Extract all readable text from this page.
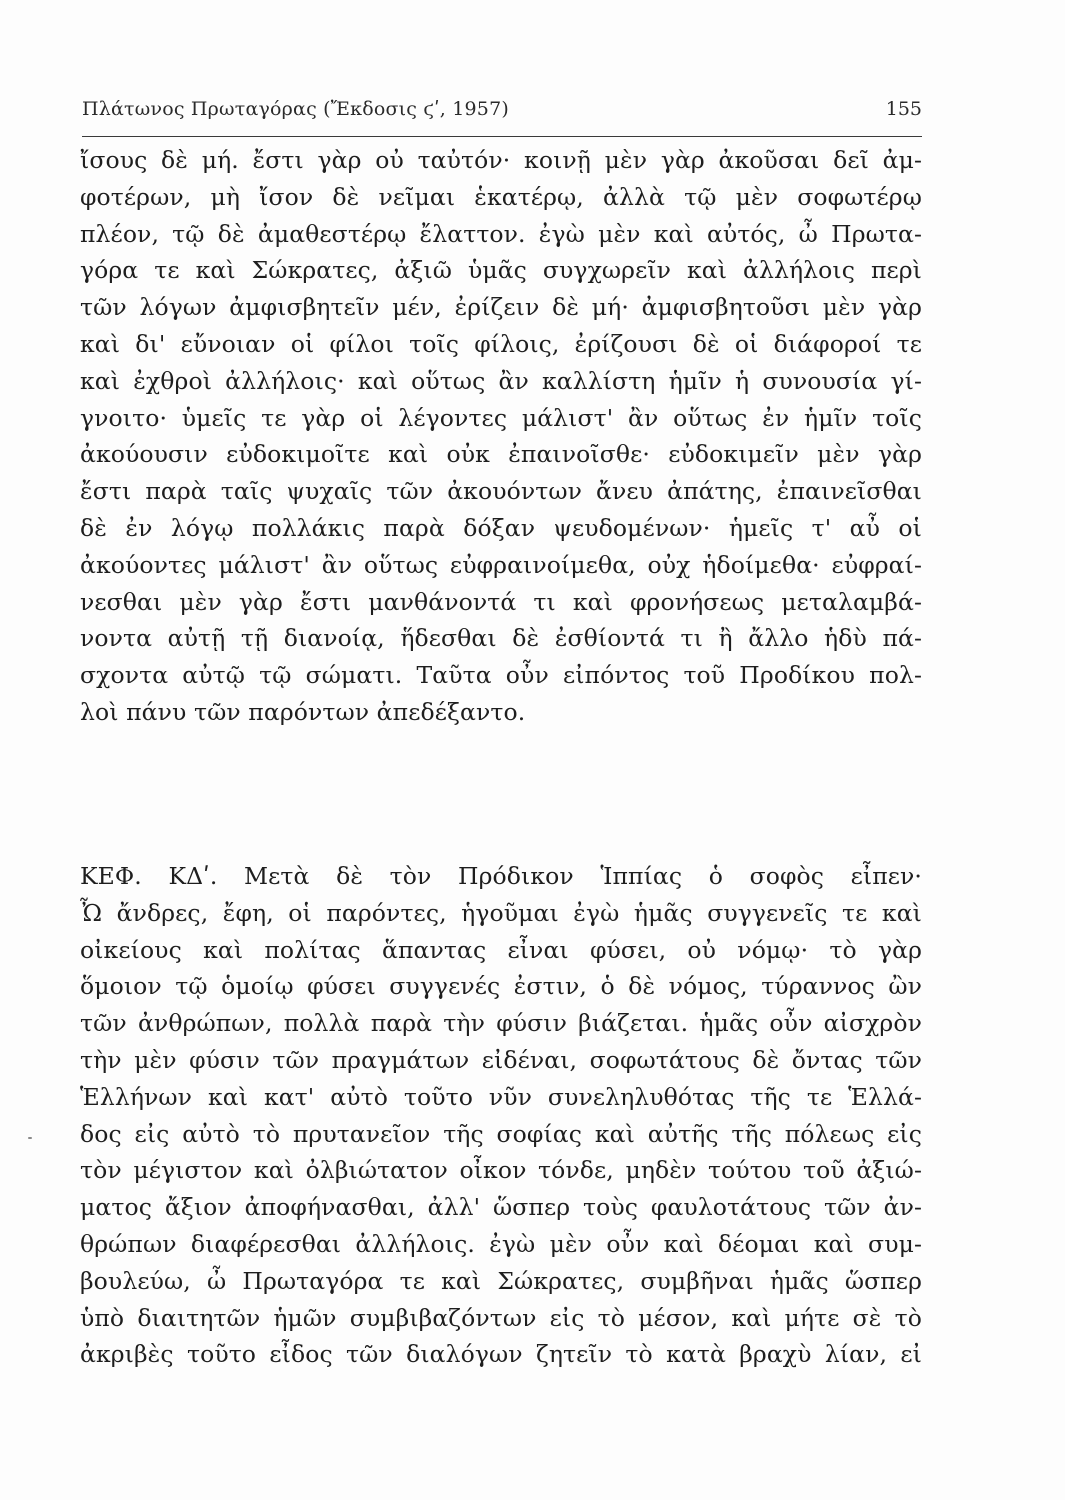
Πλάτωνος Πρωταγόρας (Ἔκδοσις ϛʹ, 1957)	155
ἴσους δὲ μή. ἔστι γὰρ οὐ ταὐτόν· κοινῇ μὲν γὰρ ἀκοῦσαι δεῖ ἀμ-
φοτέρων, μὴ ἴσον δὲ νεῖμαι ἑκατέρῳ, ἀλλὰ τῷ μὲν σοφωτέρῳ
πλέον, τῷ δὲ ἀμαθεστέρῳ ἔλαττον. ἐγὼ μὲν καὶ αὐτός, ὦ Πρωτα-
γόρα τε καὶ Σώκρατες, ἀξιῶ ὑμᾶς συγχωρεῖν καὶ ἀλλήλοις περὶ
τῶν λόγων ἀμφισβητεῖν μέν, ἐρίζειν δὲ μή· ἀμφισβητοῦσι μὲν γὰρ
καὶ δι' εὔνοιαν οἱ φίλοι τοῖς φίλοις, ἐρίζουσι δὲ οἱ διάφοροί τε
καὶ ἐχθροὶ ἀλλήλοις· καὶ οὕτως ἂν καλλίστη ἡμῖν ἡ συνουσία γί-
γνοιτο· ὑμεῖς τε γὰρ οἱ λέγοντες μάλιστ' ἂν οὕτως ἐν ἡμῖν τοῖς
ἀκούουσιν εὐδοκιμοῖτε καὶ οὐκ ἐπαινοῖσθε· εὐδοκιμεῖν μὲν γὰρ
ἔστι παρὰ ταῖς ψυχαῖς τῶν ἀκουόντων ἄνευ ἀπάτης, ἐπαινεῖσθαι
δὲ ἐν λόγῳ πολλάκις παρὰ δόξαν ψευδομένων· ἡμεῖς τ' αὖ οἱ
ἀκούοντες μάλιστ' ἂν οὕτως εὐφραινοίμεθα, οὐχ ἡδοίμεθα· εὐφραί-
νεσθαι μὲν γὰρ ἔστι μανθάνοντά τι καὶ φρονήσεως μεταλαμβά-
νοντα αὐτῇ τῇ διανοίᾳ, ἥδεσθαι δὲ ἐσθίοντά τι ἢ ἄλλο ἡδὺ πά-
σχοντα αὐτῷ τῷ σώματι. Ταῦτα οὖν εἰπόντος τοῦ Προδίκου πολ-
λοὶ πάνυ τῶν παρόντων ἀπεδέξαντο.
ΚΕΦ. ΚΔʹ. Μετὰ δὲ τὸν Πρόδικον Ἱππίας ὁ σοφὸς εἶπεν·
Ὦ ἄνδρες, ἔφη, οἱ παρόντες, ἡγοῦμαι ἐγὼ ἡμᾶς συγγενεῖς τε καὶ
οἰκείους καὶ πολίτας ἅπαντας εἶναι φύσει, οὐ νόμῳ· τὸ γὰρ
ὅμοιον τῷ ὁμοίῳ φύσει συγγενές ἐστιν, ὁ δὲ νόμος, τύραννος ὢν
τῶν ἀνθρώπων, πολλὰ παρὰ τὴν φύσιν βιάζεται. ἡμᾶς οὖν αἰσχρὸν
τὴν μὲν φύσιν τῶν πραγμάτων εἰδέναι, σοφωτάτους δὲ ὄντας τῶν
Ἑλλήνων καὶ κατ' αὐτὸ τοῦτο νῦν συνεληλυθότας τῆς τε Ἑλλά-
δος εἰς αὐτὸ τὸ πρυτανεῖον τῆς σοφίας καὶ αὐτῆς τῆς πόλεως εἰς
τὸν μέγιστον καὶ ὀλβιώτατον οἶκον τόνδε, μηδὲν τούτου τοῦ ἀξιώ-
ματος ἄξιον ἀποφήνασθαι, ἀλλ' ὥσπερ τοὺς φαυλοτάτους τῶν ἀν-
θρώπων διαφέρεσθαι ἀλλήλοις. ἐγὼ μὲν οὖν καὶ δέομαι καὶ συμ-
βουλεύω, ὦ Πρωταγόρα τε καὶ Σώκρατες, συμβῆναι ἡμᾶς ὥσπερ
ὑπὸ διαιτητῶν ἡμῶν συμβιβαζόντων εἰς τὸ μέσον, καὶ μήτε σὲ τὸ
ἀκριβὲς τοῦτο εἶδος τῶν διαλόγων ζητεῖν τὸ κατὰ βραχὺ λίαν, εἰ
